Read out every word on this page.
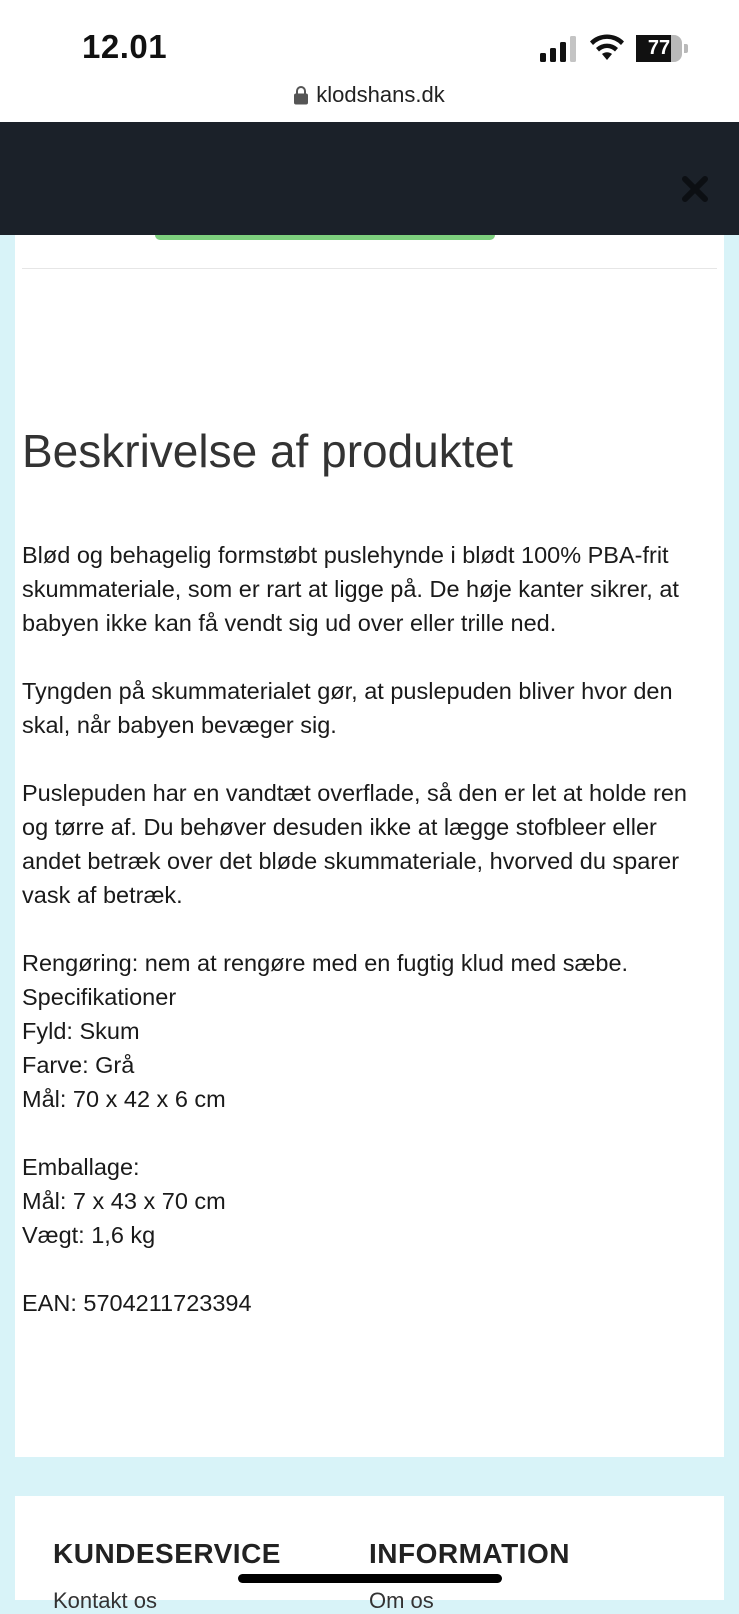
12.01	77
klodshans.dk
Beskrivelse af produktet

Blød og behagelig formstøbt puslehynde i blødt 100% PBA-frit skummateriale, som er rart at ligge på. De høje kanter sikrer, at babyen ikke kan få vendt sig ud over eller trille ned.

Tyngden på skummaterialet gør, at puslepuden bliver hvor den skal, når babyen bevæger sig.

Puslepuden har en vandtæt overflade, så den er let at holde ren og tørre af. Du behøver desuden ikke at lægge stofbleer eller andet betræk over det bløde skummateriale, hvorved du sparer vask af betræk.

Rengøring: nem at rengøre med en fugtig klud med sæbe.

Specifikationer

Fyld: Skum

Farve: Grå

Mål: 70 x 42 x 6 cm

Emballage:

Mål: 7 x 43 x 70 cm

Vægt: 1,6 kg

EAN: 5704211723394

KUNDESERVICE	INFORMATION
Kontakt os	Om os
